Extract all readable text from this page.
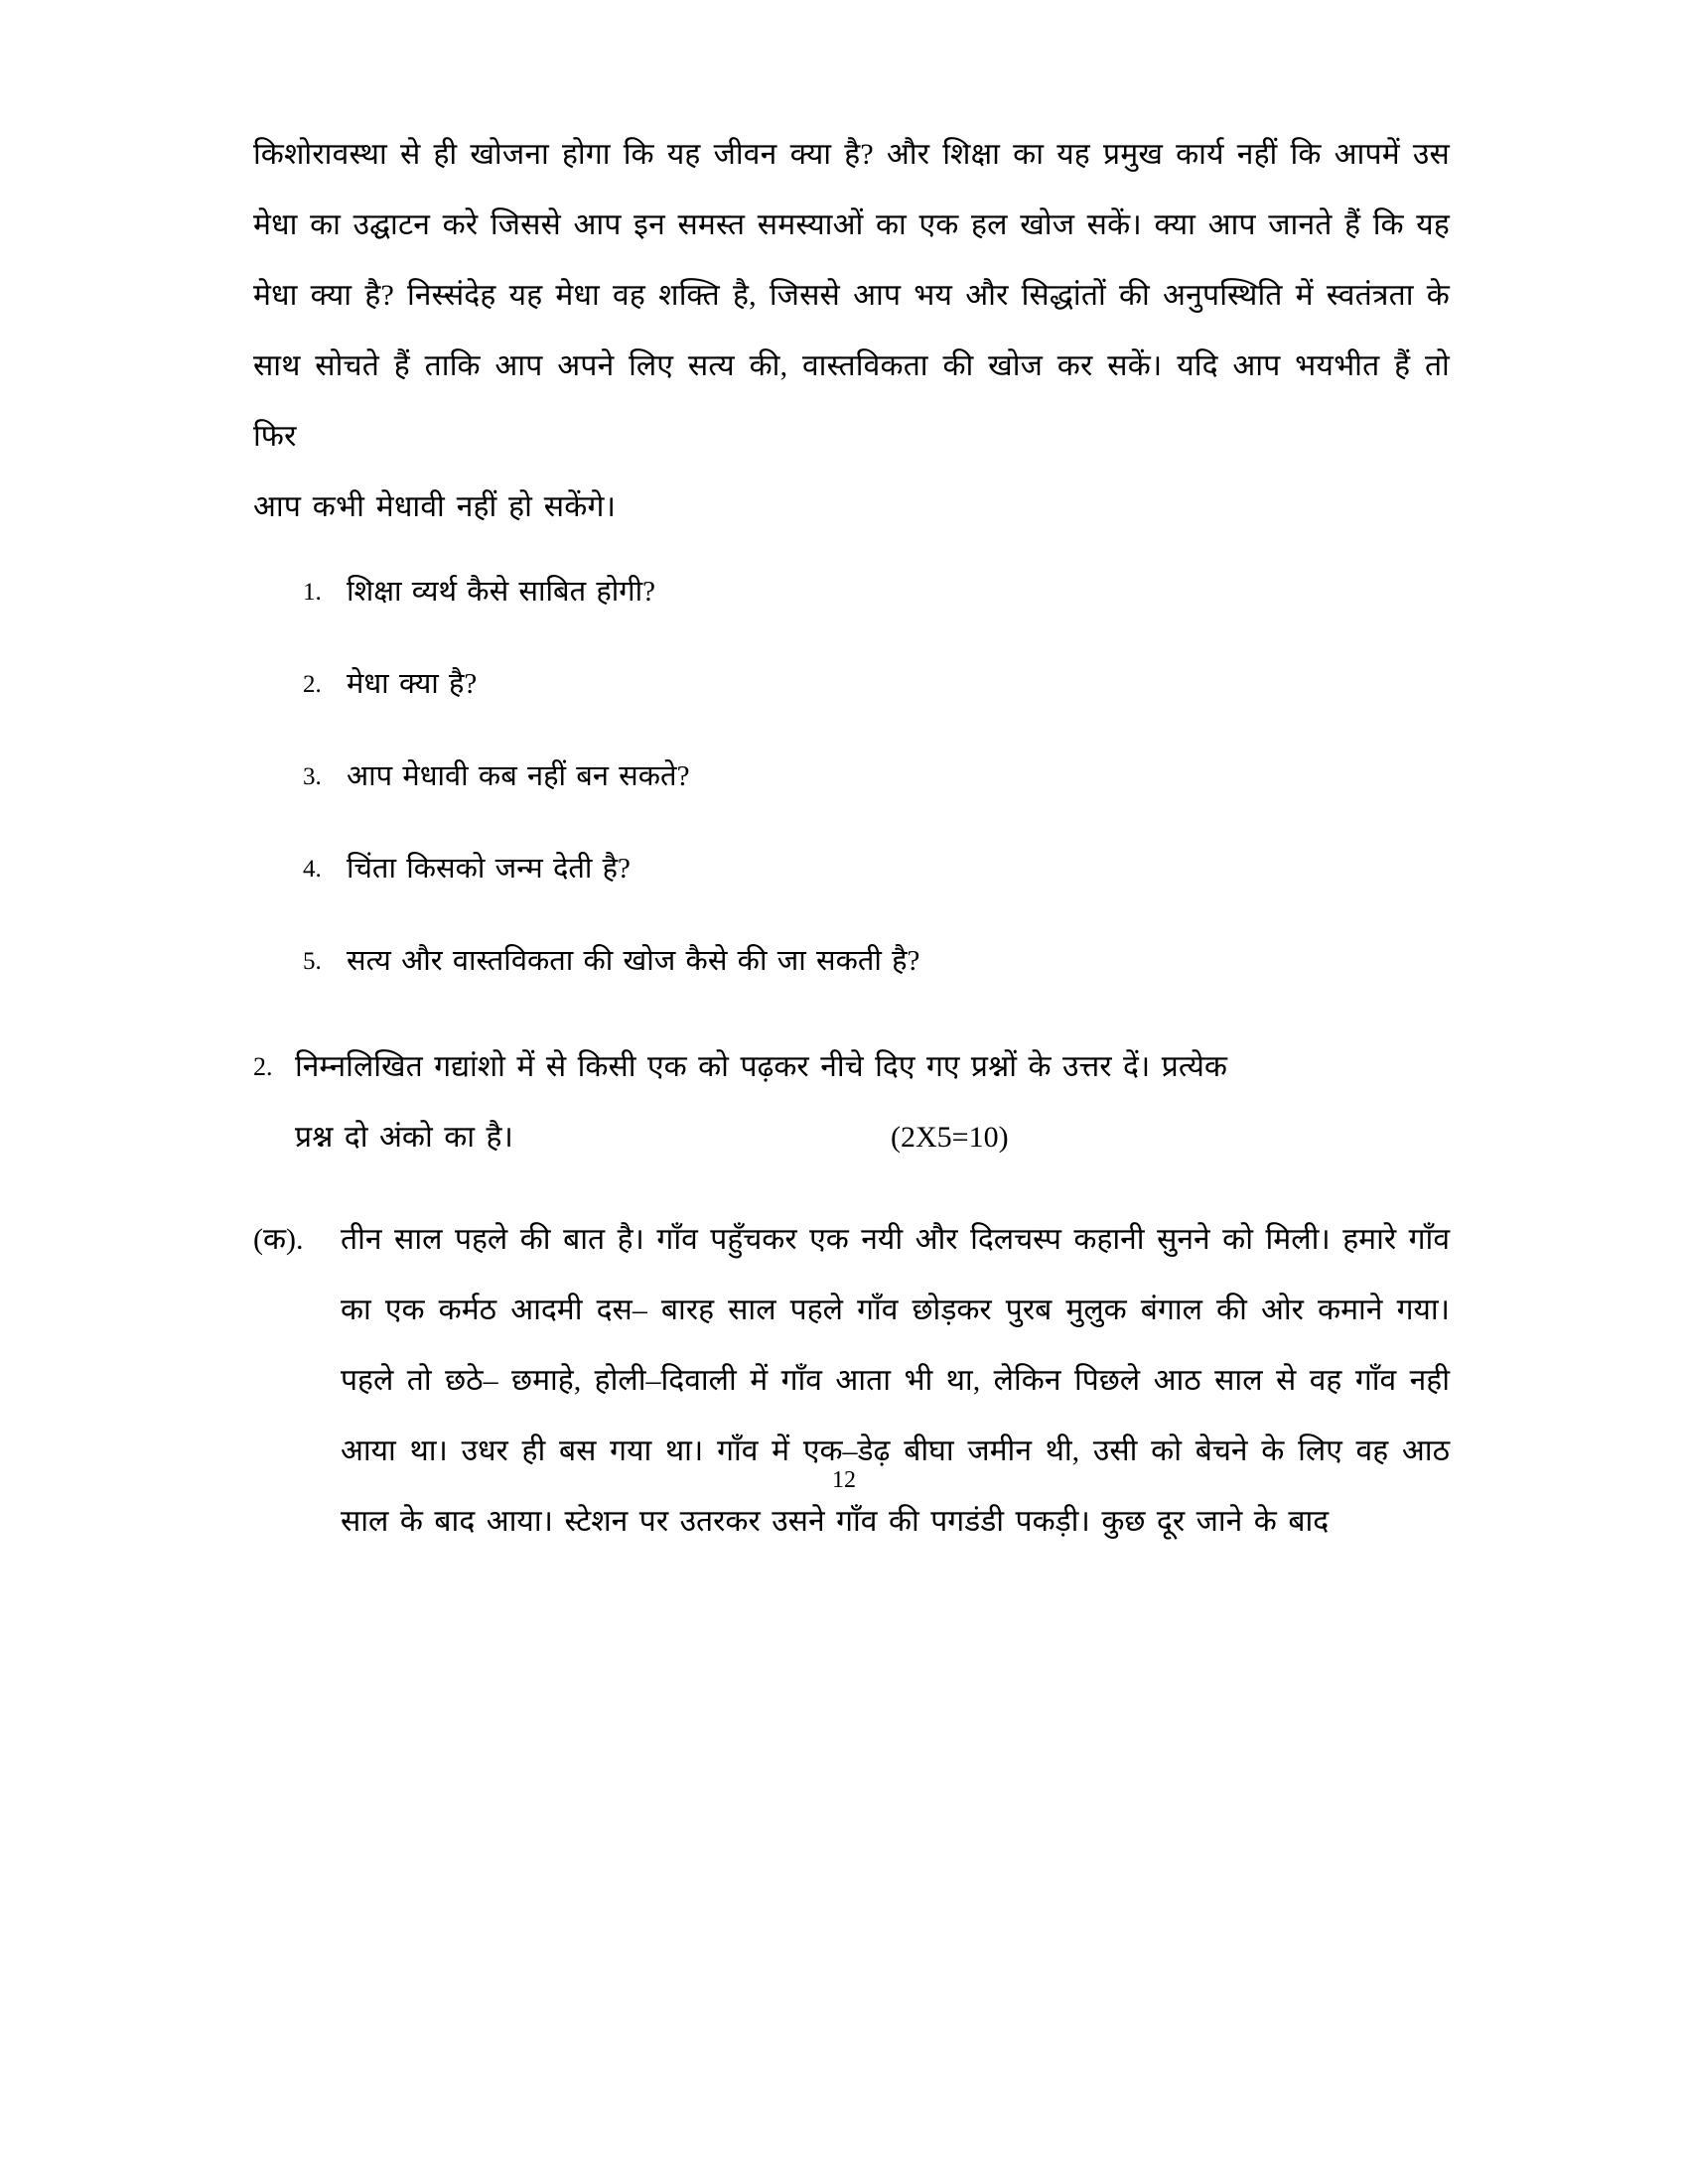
किशोरावस्था से ही खोजना होगा कि यह जीवन क्या है? और शिक्षा का यह प्रमुख कार्य नहीं कि आपमें उस मेधा का उद्घाटन करे जिससे आप इन समस्त समस्याओं का एक हल खोज सकें। क्या आप जानते हैं कि यह मेधा क्या है? निस्संदेह यह मेधा वह शक्ति है, जिससे आप भय और सिद्धांतों की अनुपस्थिति में स्वतंत्रता के साथ सोचते हैं ताकि आप अपने लिए सत्य की, वास्तविकता की खोज कर सकें। यदि आप भयभीत हैं तो फिर
आप कभी मेधावी नहीं हो सकेंगे।
1. शिक्षा व्यर्थ कैसे साबित होगी?
2. मेधा क्या है?
3. आप मेधावी कब नहीं बन सकते?
4. चिंता किसको जन्म देती है?
5. सत्य और वास्तविकता की खोज कैसे की जा सकती है?
2. निम्नलिखित गद्यांशो में से किसी एक को पढ़कर नीचे दिए गए प्रश्नों के उत्तर दें। प्रत्येक
प्रश्न दो अंको का है।	(2X5=10)
(क). तीन साल पहले की बात है। गाँव पहुँचकर एक नयी और दिलचस्प कहानी सुनने को मिली। हमारे गाँव का एक कर्मठ आदमी दस– बारह साल पहले गाँव छोड़कर पुरब मुलुक बंगाल की ओर कमाने गया। पहले तो छठे– छमाहे, होली–दिवाली में गाँव आता भी था, लेकिन पिछले आठ साल से वह गाँव नही आया था। उधर ही बस गया था। गाँव में एक–डेढ़ बीघा जमीन थी, उसी को बेचने के लिए वह आठ साल के बाद आया। स्टेशन पर उतरकर उसने गाँव की पगडंडी पकड़ी। कुछ दूर जाने के बाद
12
